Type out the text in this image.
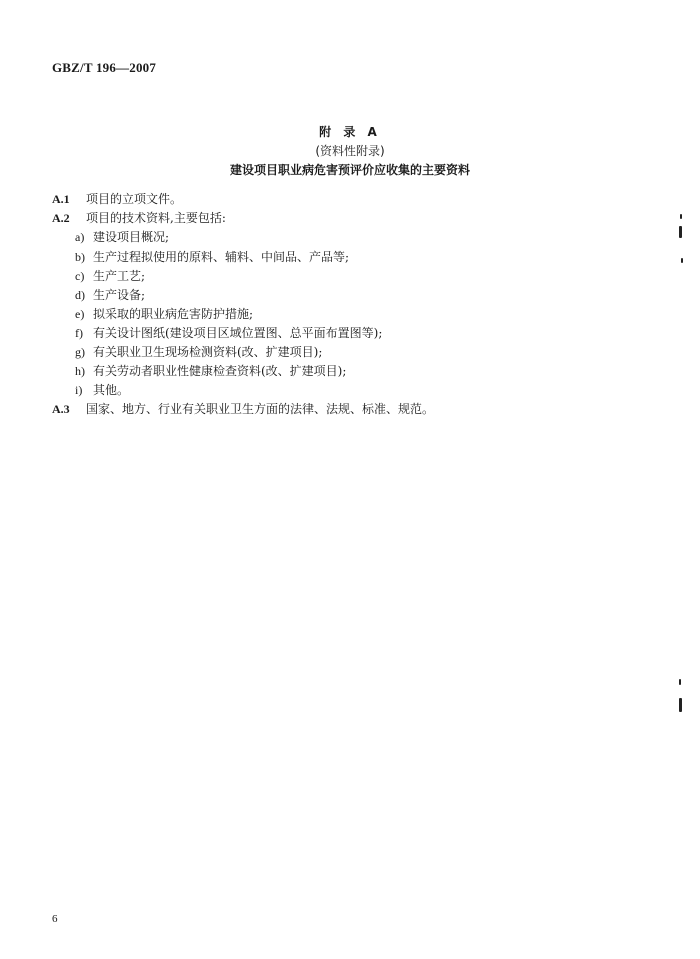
GBZ/T 196—2007
附 录 A
(资料性附录)
建设项目职业病危害预评价应收集的主要资料
A.1 项目的立项文件。
A.2 项目的技术资料,主要包括:
a) 建设项目概况;
b) 生产过程拟使用的原料、辅料、中间品、产品等;
c) 生产工艺;
d) 生产设备;
e) 拟采取的职业病危害防护措施;
f) 有关设计图纸(建设项目区域位置图、总平面布置图等);
g) 有关职业卫生现场检测资料(改、扩建项目);
h) 有关劳动者职业性健康检查资料(改、扩建项目);
i) 其他。
A.3 国家、地方、行业有关职业卫生方面的法律、法规、标准、规范。
6
